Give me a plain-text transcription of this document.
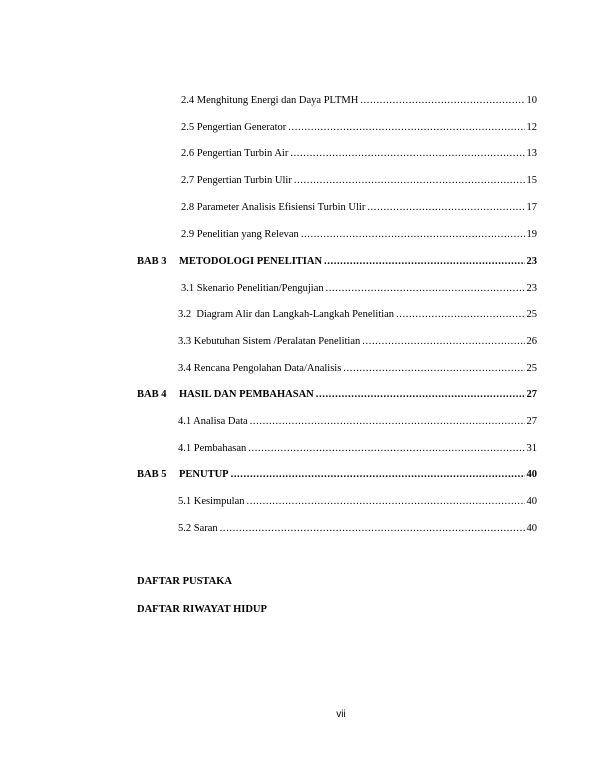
2.4 Menghitung Energi dan Daya PLTMH .....	10
2.5 Pengertian Generator .....	12
2.6 Pengertian Turbin Air .....	13
2.7 Pengertian Turbin Ulir .....	15
2.8 Parameter Analisis Efisiensi Turbin Ulir .....	17
2.9 Penelitian yang Relevan .....	19
BAB 3 METODOLOGI PENELITIAN .....	23
3.1 Skenario Penelitian/Pengujian .....	23
3.2  Diagram Alir dan Langkah-Langkah Penelitian .....	25
3.3 Kebutuhan Sistem /Peralatan Penelitian .....	26
3.4 Rencana Pengolahan Data/Analisis .....	25
BAB 4 HASIL DAN PEMBAHASAN .....	27
4.1 Analisa Data .....	27
4.1 Pembahasan .....	31
BAB 5 PENUTUP .....	40
5.1 Kesimpulan .....	40
5.2 Saran .....	40
DAFTAR PUSTAKA
DAFTAR RIWAYAT HIDUP
vii
